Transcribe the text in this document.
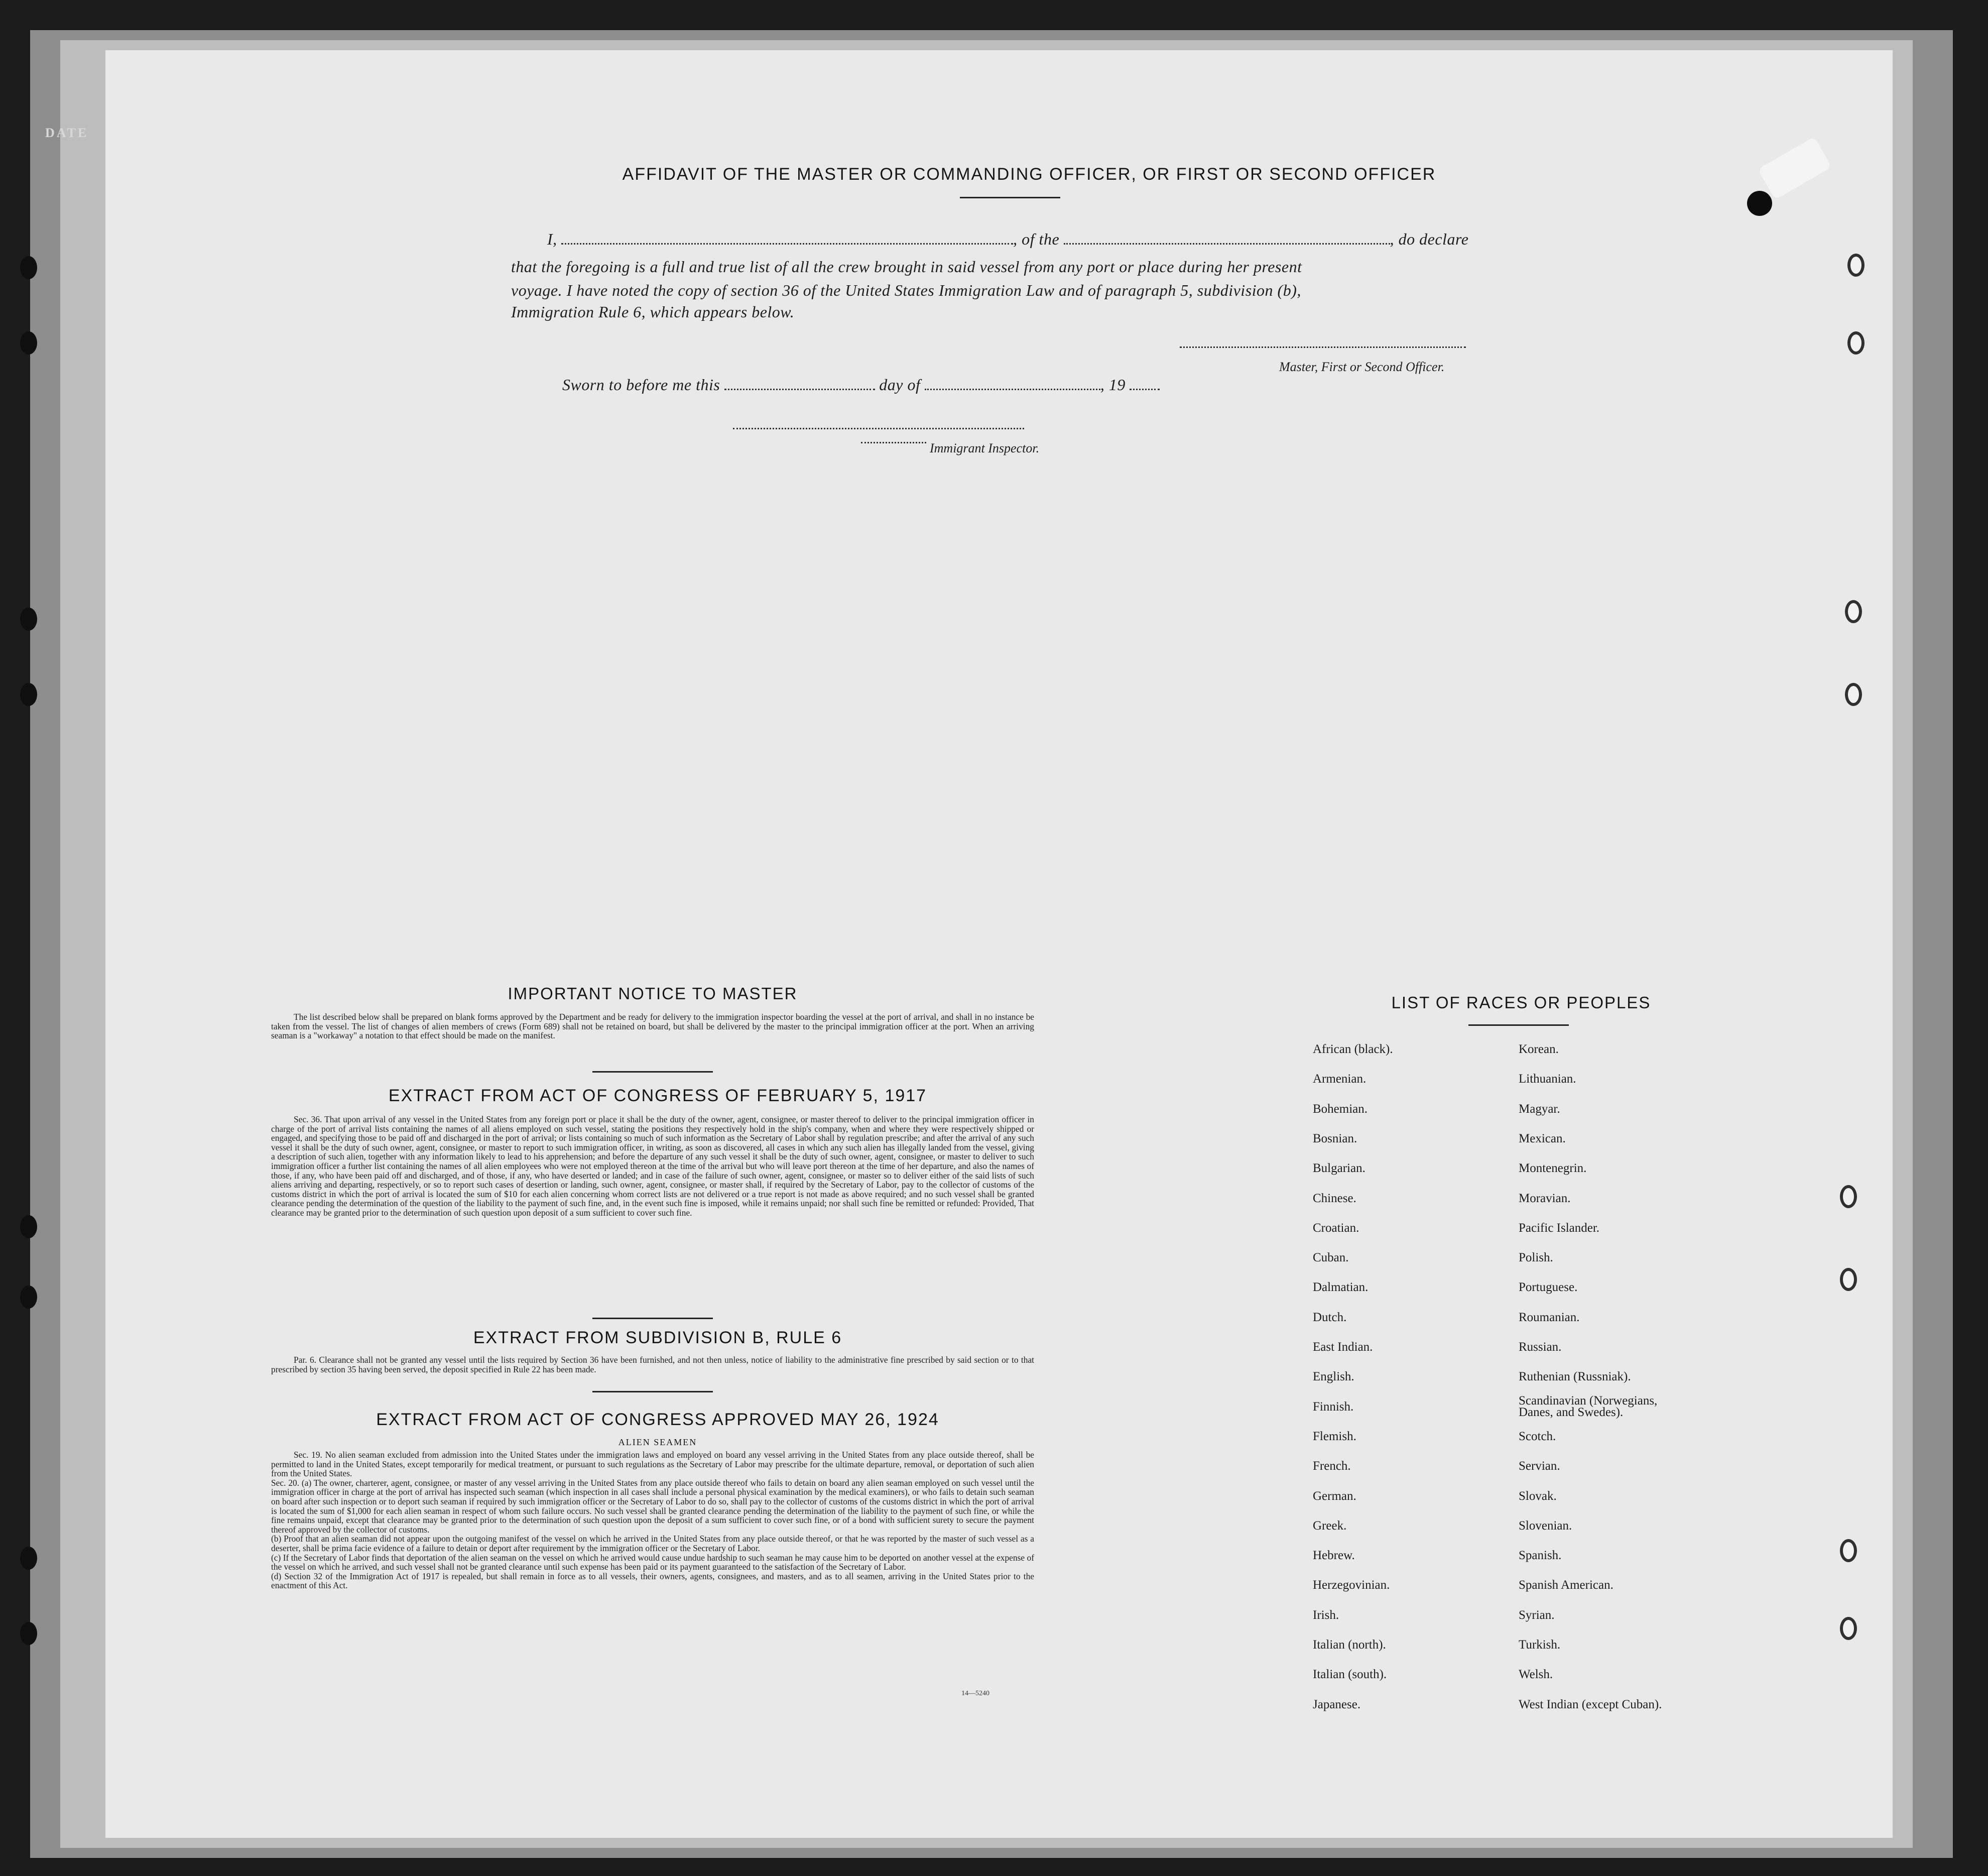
DATE
AFFIDAVIT OF THE MASTER OR COMMANDING OFFICER, OR FIRST OR SECOND OFFICER
I,	, of the	, do declare
that the foregoing is a full and true list of all the crew brought in said vessel from any port or place during her present
voyage. I have noted the copy of section 36 of the United States Immigration Law and of paragraph 5, subdivision (b),
Immigration Rule 6, which appears below.
Master, First or Second Officer.
Sworn to before me this	day of	, 19
Immigrant Inspector.
IMPORTANT NOTICE TO MASTER
The list described below shall be prepared on blank forms approved by the Department and be ready for delivery to the immigration inspector boarding the vessel at the port of arrival, and shall in no instance be taken from the vessel. The list of changes of alien members of crews (Form 689) shall not be retained on board, but shall be delivered by the master to the principal immigration officer at the port. When an arriving seaman is a "workaway" a notation to that effect should be made on the manifest.
EXTRACT FROM ACT OF CONGRESS OF FEBRUARY 5, 1917
Sec. 36. That upon arrival of any vessel in the United States from any foreign port or place it shall be the duty of the owner, agent, consignee, or master thereof to deliver to the principal immigration officer in charge of the port of arrival lists containing the names of all aliens employed on such vessel, stating the positions they respectively hold in the ship's company, when and where they were respectively shipped or engaged, and specifying those to be paid off and discharged in the port of arrival; or lists containing so much of such information as the Secretary of Labor shall by regulation prescribe; and after the arrival of any such vessel it shall be the duty of such owner, agent, consignee, or master to report to such immigration officer, in writing, as soon as discovered, all cases in which any such alien has illegally landed from the vessel, giving a description of such alien, together with any information likely to lead to his apprehension; and before the departure of any such vessel it shall be the duty of such owner, agent, consignee, or master to deliver to such immigration officer a further list containing the names of all alien employees who were not employed thereon at the time of the arrival but who will leave port thereon at the time of her departure, and also the names of those, if any, who have been paid off and discharged, and of those, if any, who have deserted or landed; and in case of the failure of such owner, agent, consignee, or master so to deliver either of the said lists of such aliens arriving and departing, respectively, or so to report such cases of desertion or landing, such owner, agent, consignee, or master shall, if required by the Secretary of Labor, pay to the collector of customs of the customs district in which the port of arrival is located the sum of $10 for each alien concerning whom correct lists are not delivered or a true report is not made as above required; and no such vessel shall be granted clearance pending the determination of the question of the liability to the payment of such fine, and, in the event such fine is imposed, while it remains unpaid; nor shall such fine be remitted or refunded: Provided, That clearance may be granted prior to the determination of such question upon deposit of a sum sufficient to cover such fine.
EXTRACT FROM SUBDIVISION B, RULE 6
Par. 6. Clearance shall not be granted any vessel until the lists required by Section 36 have been furnished, and not then unless, notice of liability to the administrative fine prescribed by said section or to that prescribed by section 35 having been served, the deposit specified in Rule 22 has been made.
EXTRACT FROM ACT OF CONGRESS APPROVED MAY 26, 1924
ALIEN SEAMEN
Sec. 19. No alien seaman excluded from admission into the United States under the immigration laws and employed on board any vessel arriving in the United States from any place outside thereof, shall be permitted to land in the United States, except temporarily for medical treatment, or pursuant to such regulations as the Secretary of Labor may prescribe for the ultimate departure, removal, or deportation of such alien from the United States.
Sec. 20. (a) The owner, charterer, agent, consignee, or master of any vessel arriving in the United States from any place outside thereof who fails to detain on board any alien seaman employed on such vessel until the immigration officer in charge at the port of arrival has inspected such seaman (which inspection in all cases shall include a personal physical examination by the medical examiners), or who fails to detain such seaman on board after such inspection or to deport such seaman if required by such immigration officer or the Secretary of Labor to do so, shall pay to the collector of customs of the customs district in which the port of arrival is located the sum of $1,000 for each alien seaman in respect of whom such failure occurs. No such vessel shall be granted clearance pending the determination of the liability to the payment of such fine, or while the fine remains unpaid, except that clearance may be granted prior to the determination of such question upon the deposit of a sum sufficient to cover such fine, or of a bond with sufficient surety to secure the payment thereof approved by the collector of customs.
(b) Proof that an alien seaman did not appear upon the outgoing manifest of the vessel on which he arrived in the United States from any place outside thereof, or that he was reported by the master of such vessel as a deserter, shall be prima facie evidence of a failure to detain or deport after requirement by the immigration officer or the Secretary of Labor.
(c) If the Secretary of Labor finds that deportation of the alien seaman on the vessel on which he arrived would cause undue hardship to such seaman he may cause him to be deported on another vessel at the expense of the vessel on which he arrived, and such vessel shall not be granted clearance until such expense has been paid or its payment guaranteed to the satisfaction of the Secretary of Labor.
(d) Section 32 of the Immigration Act of 1917 is repealed, but shall remain in force as to all vessels, their owners, agents, consignees, and masters, and as to all seamen, arriving in the United States prior to the enactment of this Act.
14—5240
LIST OF RACES OR PEOPLES
African (black).
Armenian.
Bohemian.
Bosnian.
Bulgarian.
Chinese.
Croatian.
Cuban.
Dalmatian.
Dutch.
East Indian.
English.
Finnish.
Flemish.
French.
German.
Greek.
Hebrew.
Herzegovinian.
Irish.
Italian (north).
Italian (south).
Japanese.
Korean.
Lithuanian.
Magyar.
Mexican.
Montenegrin.
Moravian.
Pacific Islander.
Polish.
Portuguese.
Roumanian.
Russian.
Ruthenian (Russniak).
Scandinavian (Norwegians, Danes, and Swedes).
Scotch.
Servian.
Slovak.
Slovenian.
Spanish.
Spanish American.
Syrian.
Turkish.
Welsh.
West Indian (except Cuban).
